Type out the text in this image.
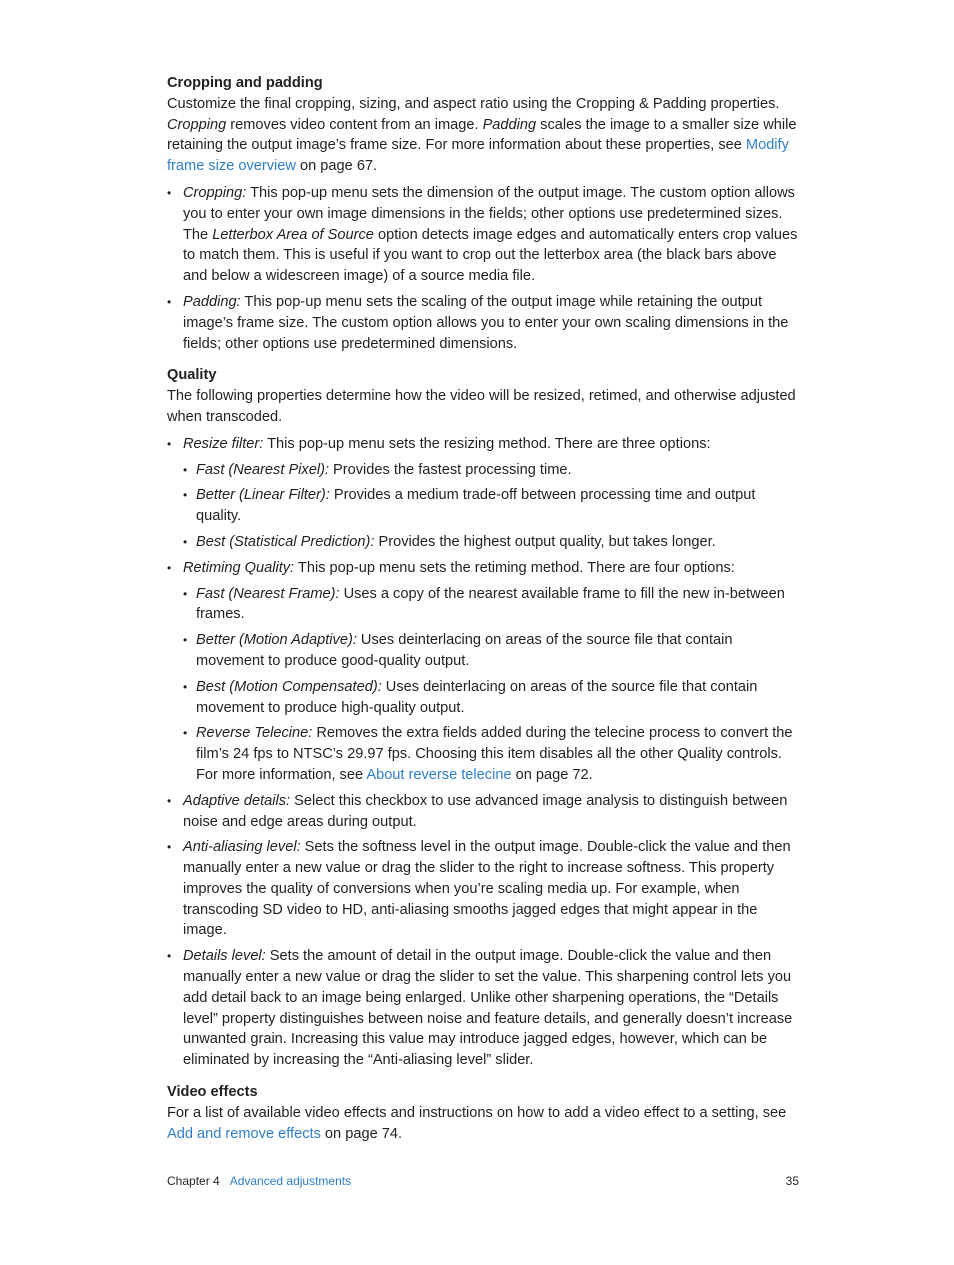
Cropping and padding

Customize the final cropping, sizing, and aspect ratio using the Cropping & Padding properties. Cropping removes video content from an image. Padding scales the image to a smaller size while retaining the output image’s frame size. For more information about these properties, see Modify frame size overview on page 67.

• Cropping: This pop-up menu sets the dimension of the output image. The custom option allows you to enter your own image dimensions in the fields; other options use predetermined sizes. The Letterbox Area of Source option detects image edges and automatically enters crop values to match them. This is useful if you want to crop out the letterbox area (the black bars above and below a widescreen image) of a source media file.
• Padding: This pop-up menu sets the scaling of the output image while retaining the output image’s frame size. The custom option allows you to enter your own scaling dimensions in the fields; other options use predetermined dimensions.
Quality

The following properties determine how the video will be resized, retimed, and otherwise adjusted when transcoded.

• Resize filter: This pop-up menu sets the resizing method. There are three options:
• Fast (Nearest Pixel): Provides the fastest processing time.
• Better (Linear Filter): Provides a medium trade-off between processing time and output quality.
• Best (Statistical Prediction): Provides the highest output quality, but takes longer.
• Retiming Quality: This pop-up menu sets the retiming method. There are four options:
• Fast (Nearest Frame): Uses a copy of the nearest available frame to fill the new in-between frames.
• Better (Motion Adaptive): Uses deinterlacing on areas of the source file that contain movement to produce good-quality output.
• Best (Motion Compensated): Uses deinterlacing on areas of the source file that contain movement to produce high-quality output.
• Reverse Telecine: Removes the extra fields added during the telecine process to convert the film’s 24 fps to NTSC’s 29.97 fps. Choosing this item disables all the other Quality controls. For more information, see About reverse telecine on page 72.
• Adaptive details: Select this checkbox to use advanced image analysis to distinguish between noise and edge areas during output.
• Anti-aliasing level: Sets the softness level in the output image. Double-click the value and then manually enter a new value or drag the slider to the right to increase softness. This property improves the quality of conversions when you’re scaling media up. For example, when transcoding SD video to HD, anti-aliasing smooths jagged edges that might appear in the image.
• Details level: Sets the amount of detail in the output image. Double-click the value and then manually enter a new value or drag the slider to set the value. This sharpening control lets you add detail back to an image being enlarged. Unlike other sharpening operations, the “Details level” property distinguishes between noise and feature details, and generally doesn’t increase unwanted grain. Increasing this value may introduce jagged edges, however, which can be eliminated by increasing the “Anti-aliasing level” slider.
Video effects

For a list of available video effects and instructions on how to add a video effect to a setting, see Add and remove effects on page 74.

Chapter 4 Advanced adjustments	35
